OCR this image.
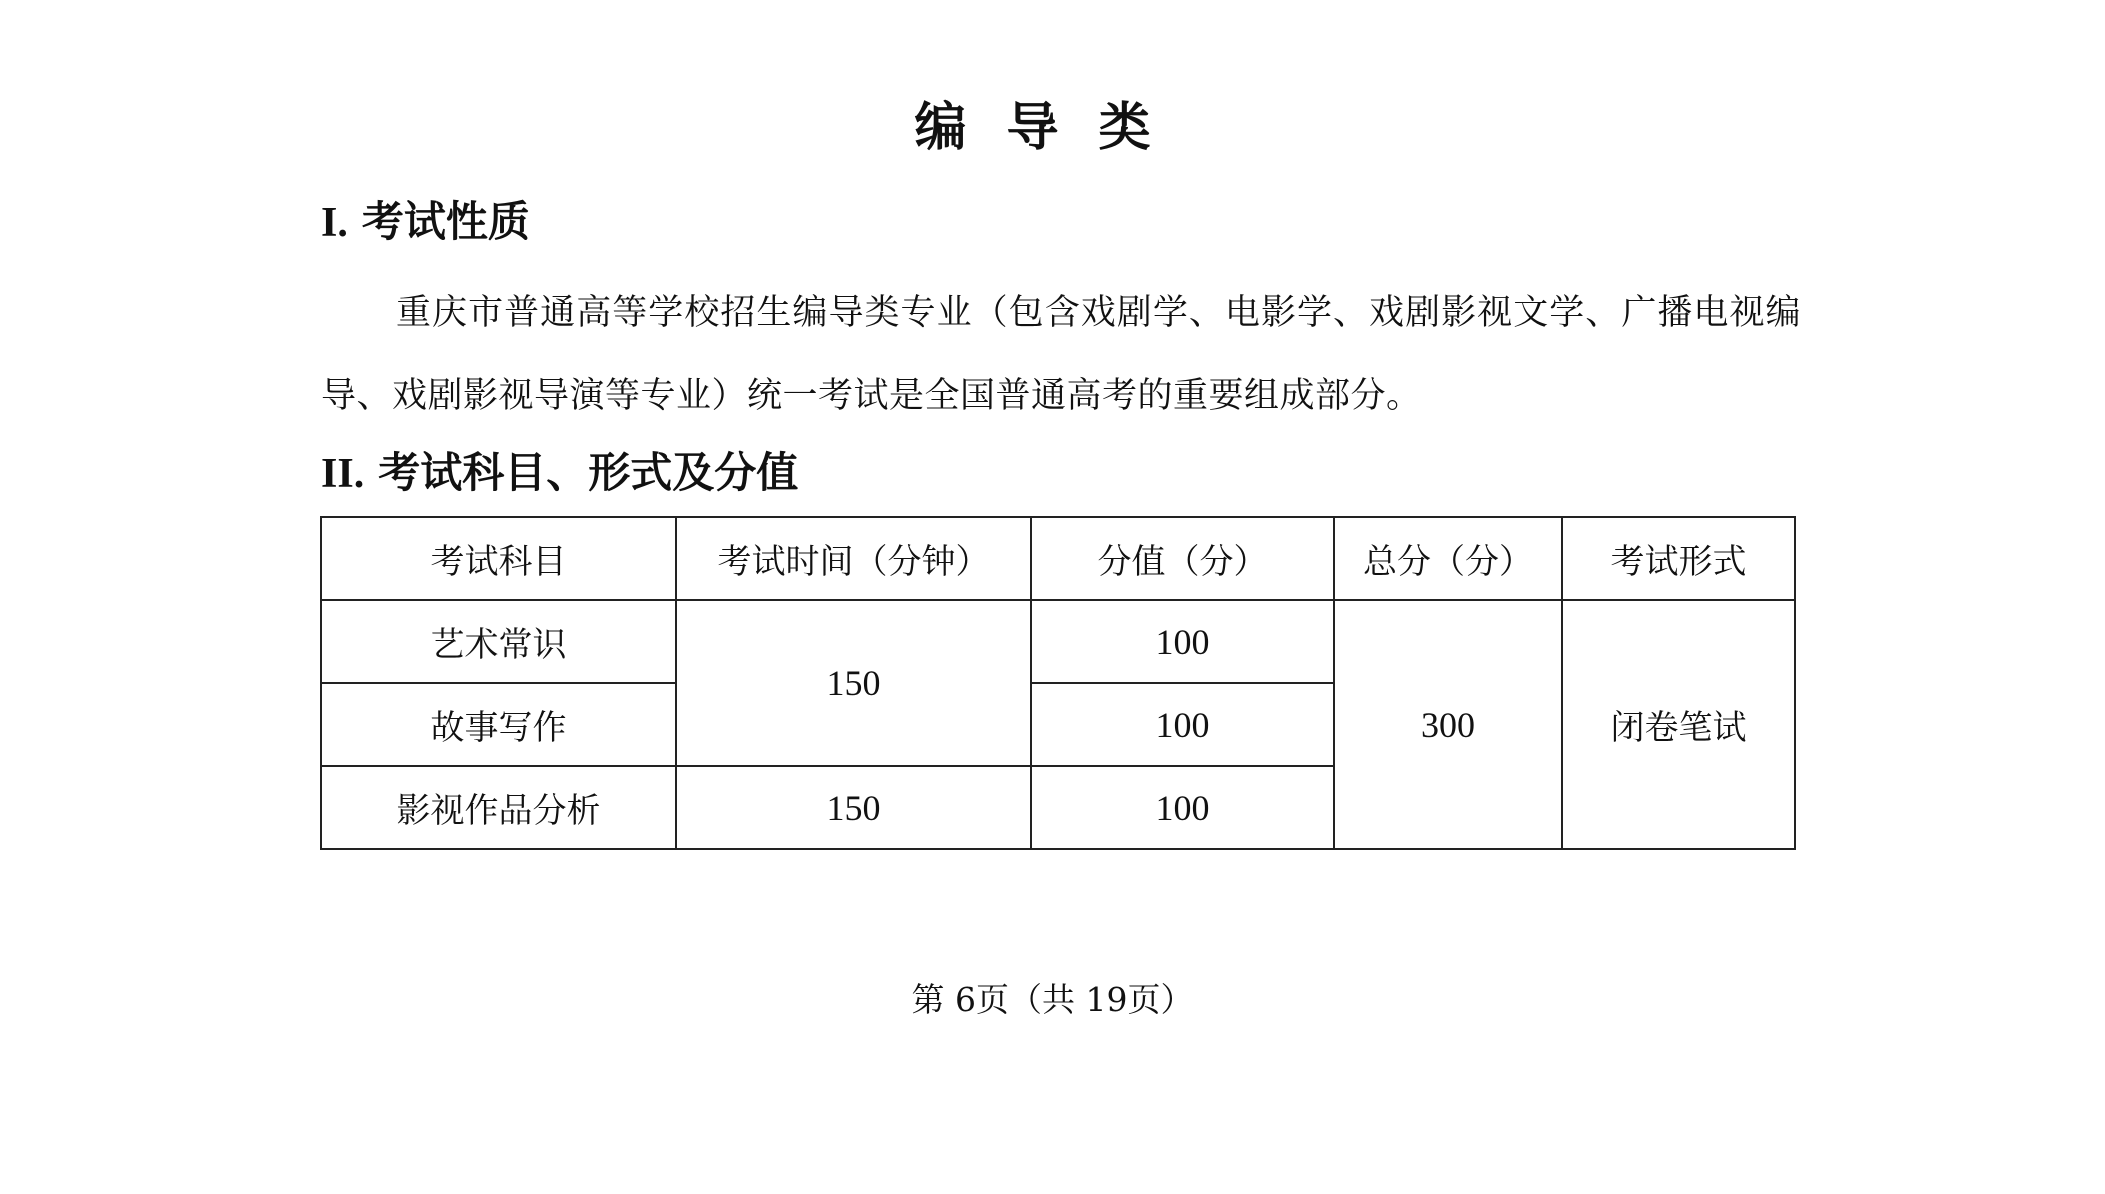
编导类
I. 考试性质
重庆市普通高等学校招生编导类专业（包含戏剧学、电影学、戏剧影视文学、广播电视编导、戏剧影视导演等专业）统一考试是全国普通高考的重要组成部分。
II. 考试科目、形式及分值
考试科目	考试时间（分钟）	分值（分）	总分（分）	考试形式
艺术常识	150	100	300	闭卷笔试
故事写作		100		
影视作品分析	150	100		
第 6页（共 19页）
